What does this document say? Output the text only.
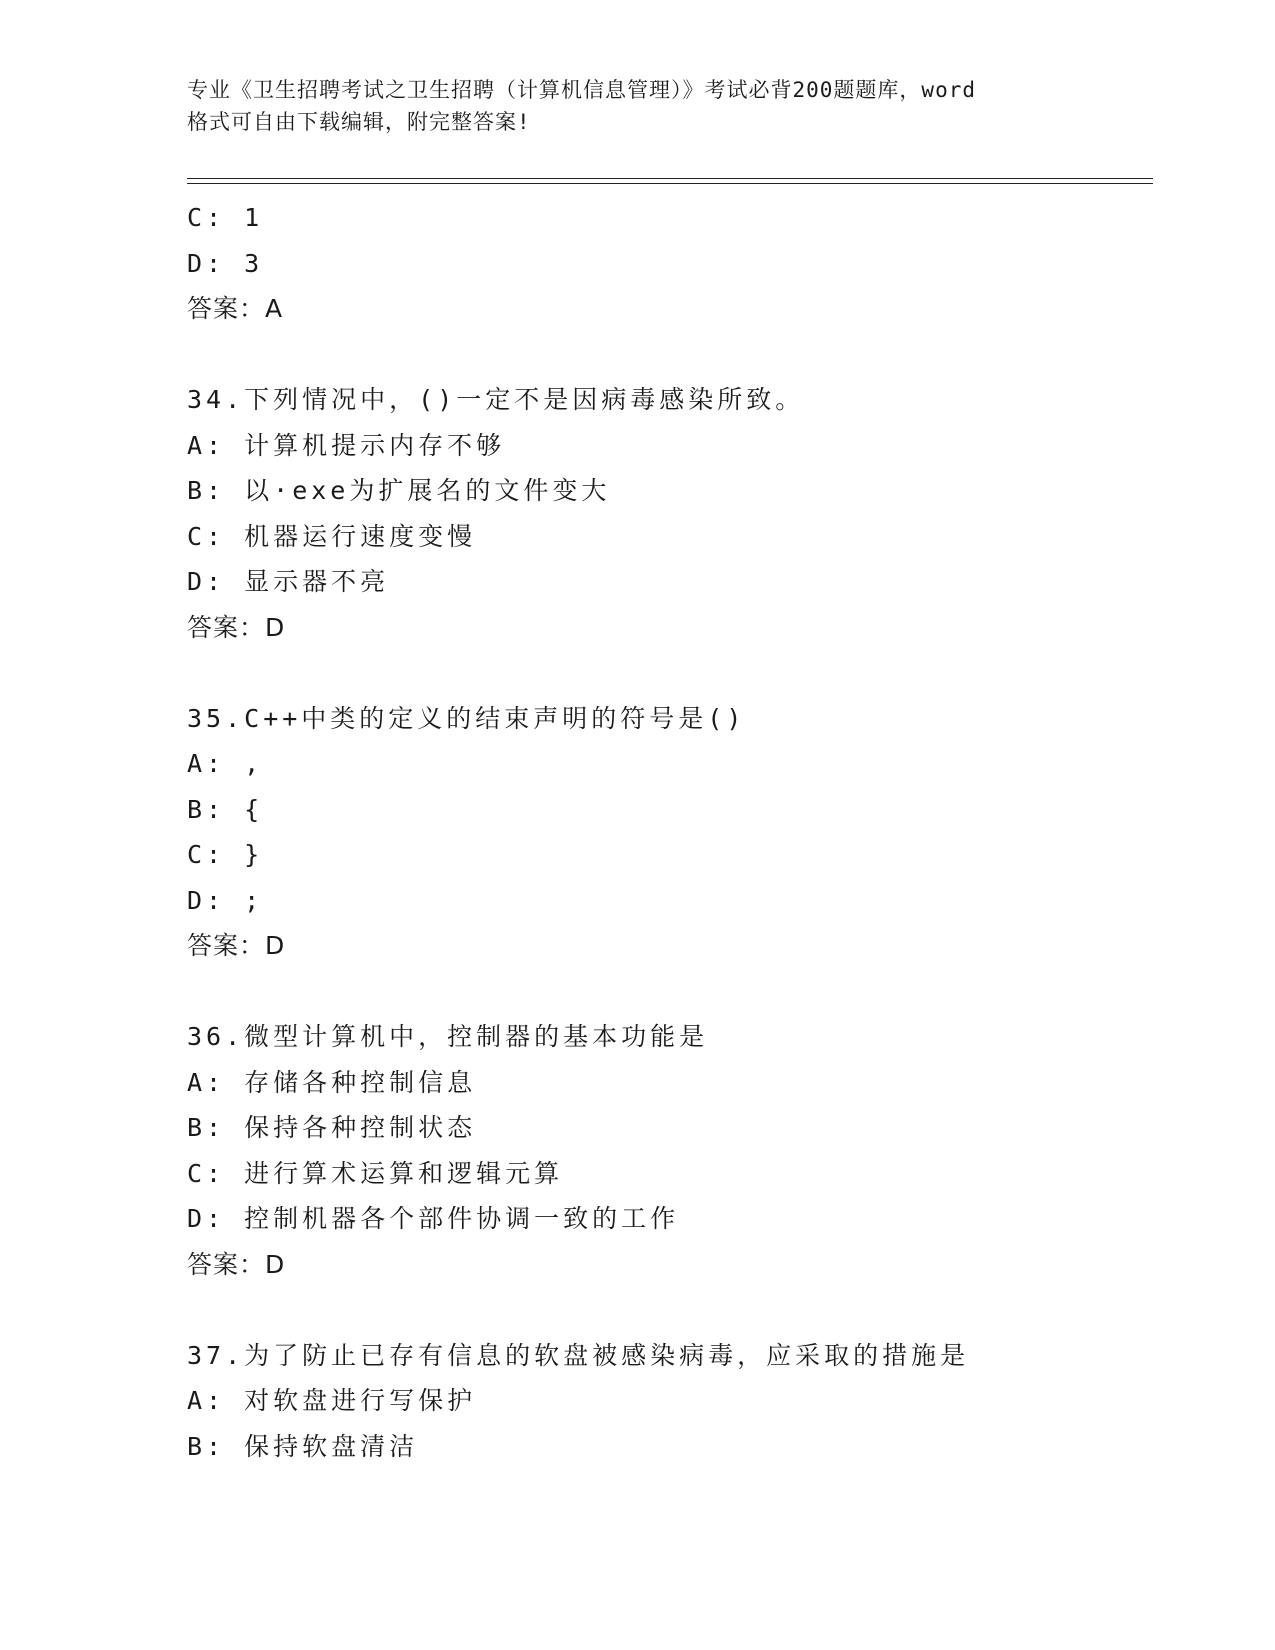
专业《卫生招聘考试之卫生招聘（计算机信息管理）》考试必背200题题库，word
格式可自由下载编辑，附完整答案!
C: 1
D: 3
答案：A
34.下列情况中，()一定不是因病毒感染所致。
A: 计算机提示内存不够
B: 以·exe为扩展名的文件变大
C: 机器运行速度变慢
D: 显示器不亮
答案：D
35.C++中类的定义的结束声明的符号是()
A: ,
B: {
C: }
D: ;
答案：D
36.微型计算机中，控制器的基本功能是
A: 存储各种控制信息
B: 保持各种控制状态
C: 进行算术运算和逻辑元算
D: 控制机器各个部件协调一致的工作
答案：D
37.为了防止已存有信息的软盘被感染病毒，应采取的措施是
A: 对软盘进行写保护
B: 保持软盘清洁
